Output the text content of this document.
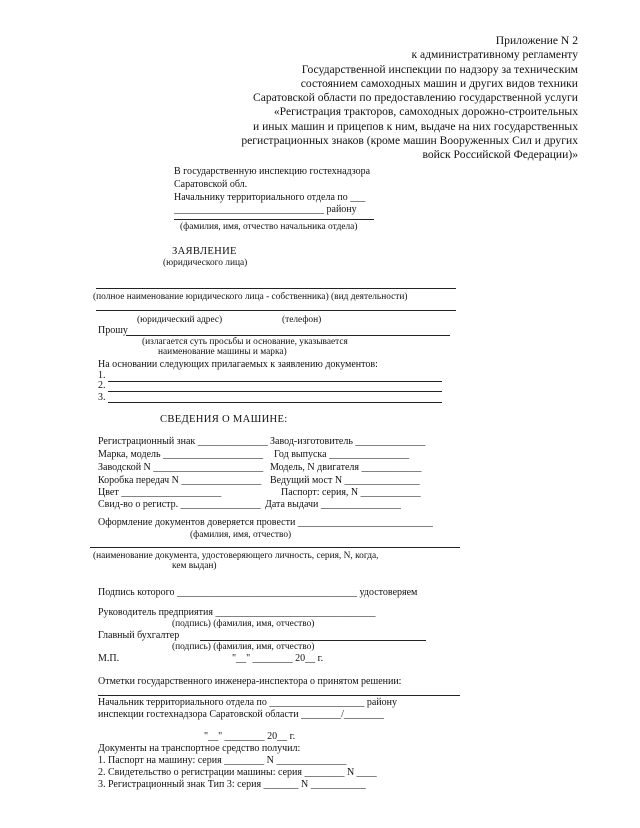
Приложение N 2
к административному регламенту
Государственной инспекции по надзору за техническим
состоянием самоходных машин и других видов техники
Саратовской области по предоставлению государственной услуги
«Регистрация тракторов, самоходных дорожно-строительных
и иных машин и прицепов к ним, выдаче на них государственных
регистрационных знаков (кроме машин Вооруженных Сил и других
войск Российской Федерации)»
В государственную инспекцию гостехнадзора
Саратовской обл.
Начальнику территориального отдела по ___
______________________________ району
(фамилия, имя, отчество начальника отдела)
ЗАЯВЛЕНИЕ
(юридического лица)
(полное наименование юридического лица - собственника) (вид деятельности)
(юридический адрес)	(телефон)
Прошу
(излагается суть просьбы и основание, указывается
наименование машины и марка)
На основании следующих прилагаемых к заявлению документов:
1.
2.
3.
СВЕДЕНИЯ О МАШИНЕ:
Регистрационный знак ______________
Марка, модель ____________________
Заводской N ______________________
Коробка передач N ________________
Цвет ____________________
Свид-во о регистр. ________________
Завод-изготовитель ______________
Год выпуска ________________
Модель, N двигателя ____________
Ведущий мост N _______________
Паспорт: серия, N ____________
Дата выдачи ________________
Оформление документов доверяется провести ___________________________
(фамилия, имя, отчество)
(наименование документа, удостоверяющего личность, серия, N, когда,
кем выдан)
Подпись которого ____________________________________ удостоверяем
Руководитель предприятия ________________________________
(подпись) (фамилия, имя, отчество)
Главный бухгалтер
(подпись) (фамилия, имя, отчество)
М.П.	"__" ________ 20__ г.
Отметки государственного инженера-инспектора о принятом решении:
Начальник территориального отдела по ___________________ району
инспекции гостехнадзора Саратовской области ________/________
"__" ________ 20__ г.
Документы на транспортное средство получил:
1. Паспорт на машину: серия ________ N ______________
2. Свидетельство о регистрации машины: серия ________ N ____
3. Регистрационный знак Тип 3: серия _______ N ___________
